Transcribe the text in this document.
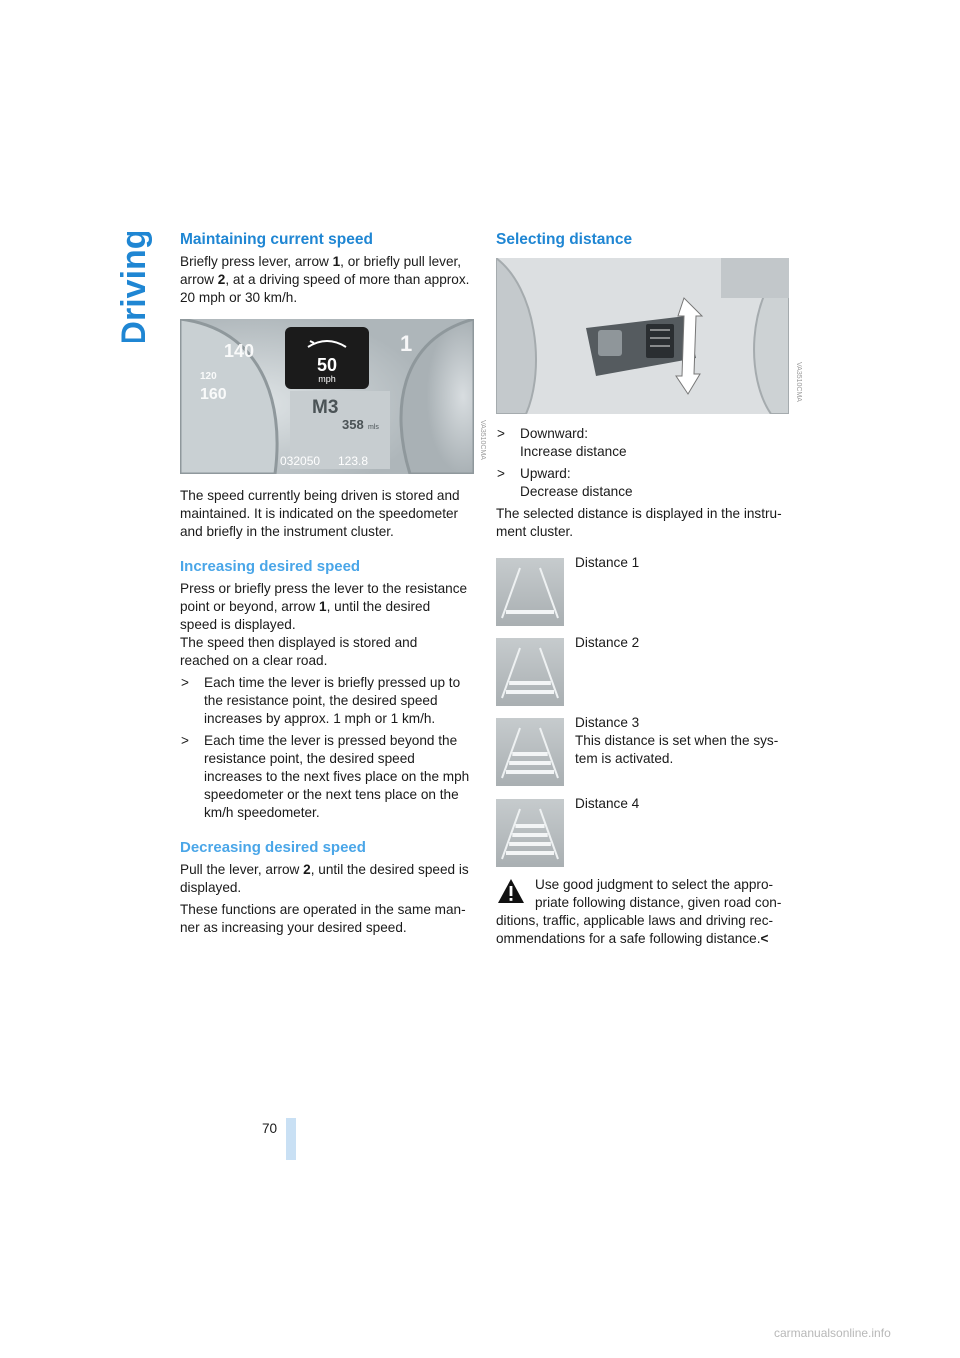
Driving Maintaining current speed

Briefly press lever, arrow 1, or briefly pull lever,
arrow 2, at a driving speed of more than approx.
20 mph or 30 km/h.

140
120
160
1
50
mph
M3
358 mls
032050 123.8
VA3510CMA

The speed currently being driven is stored and
maintained. It is indicated on the speedometer
and briefly in the instrument cluster.

Increasing desired speed

Press or briefly press the lever to the resistance
point or beyond, arrow 1, until the desired
speed is displayed.
The speed then displayed is stored and
reached on a clear road.

> Each time the lever is briefly pressed up to
the resistance point, the desired speed
increases by approx. 1 mph or 1 km/h.
> Each time the lever is pressed beyond the
resistance point, the desired speed
increases to the next fives place on the mph
speedometer or the next tens place on the
km/h speedometer.
Decreasing desired speed

Pull the lever, arrow 2, until the desired speed is
displayed.

These functions are operated in the same man-
ner as increasing your desired speed.

Selecting distance
VA3510CMA
> Downward:
Increase distance
> Upward:
Decrease distance

The selected distance is displayed in the instru-
ment cluster.

Distance 1
Distance 2
Distance 3
This distance is set when the sys-
tem is activated.
Distance 4

Use good judgment to select the appro-
priate following distance, given road con-
ditions, traffic, applicable laws and driving rec-
ommendations for a safe following distance.<

70
carmanualsonline.info
